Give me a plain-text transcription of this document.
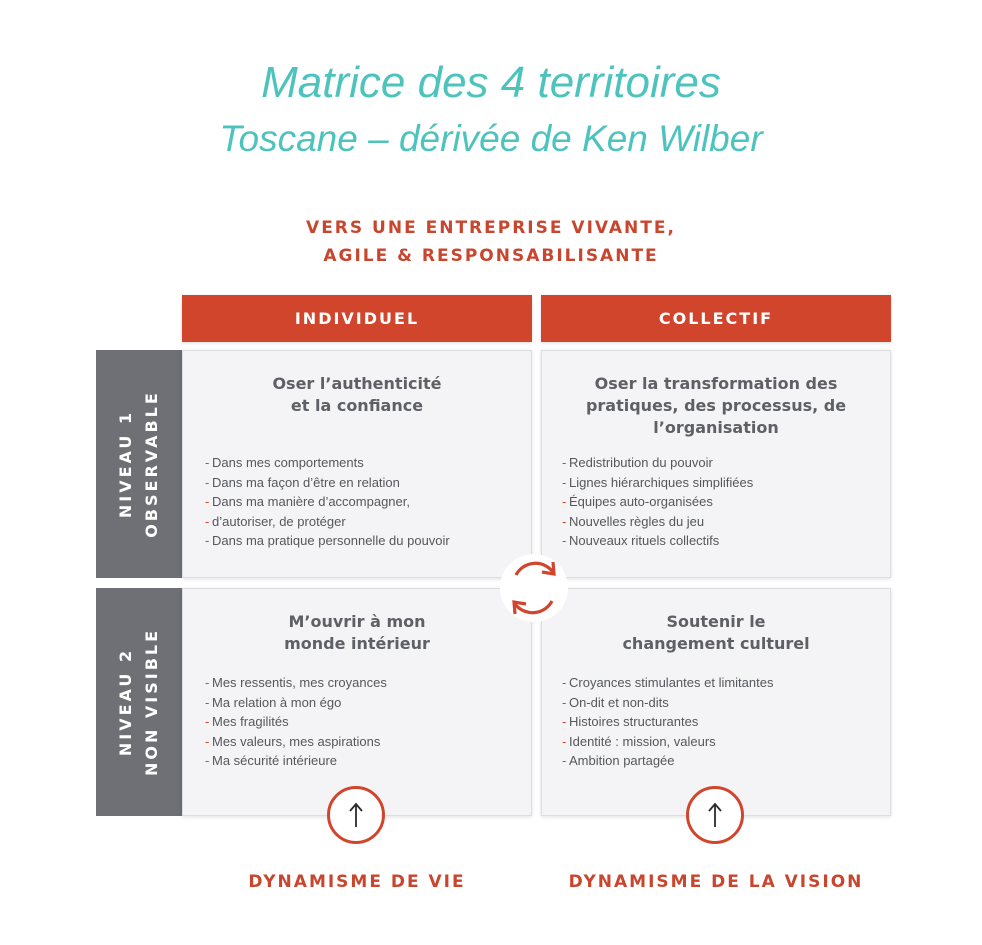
Matrice des 4 territoires
Toscane – dérivée de Ken Wilber
VERS UNE ENTREPRISE VIVANTE,
AGILE & RESPONSABILISANTE
INDIVIDUEL	COLLECTIF
NIVEAU 1 OBSERVABLE
NIVEAU 2 NON VISIBLE
Oser l’authenticité
et la confiance
- Dans mes comportements
- Dans ma façon d’être en relation
- Dans ma manière d’accompagner,
- d’autoriser, de protéger
- Dans ma pratique personnelle du pouvoir
Oser la transformation des
pratiques, des processus, de
l’organisation
- Redistribution du pouvoir
- Lignes hiérarchiques simplifiées
- Équipes auto-organisées
- Nouvelles règles du jeu
- Nouveaux rituels collectifs
M’ouvrir à mon
monde intérieur
- Mes ressentis, mes croyances
- Ma relation à mon égo
- Mes fragilités
- Mes valeurs, mes aspirations
- Ma sécurité intérieure
Soutenir le
changement culturel
- Croyances stimulantes et limitantes
- On-dit et non-dits
- Histoires structurantes
- Identité : mission, valeurs
- Ambition partagée
DYNAMISME DE VIE	DYNAMISME DE LA VISION
